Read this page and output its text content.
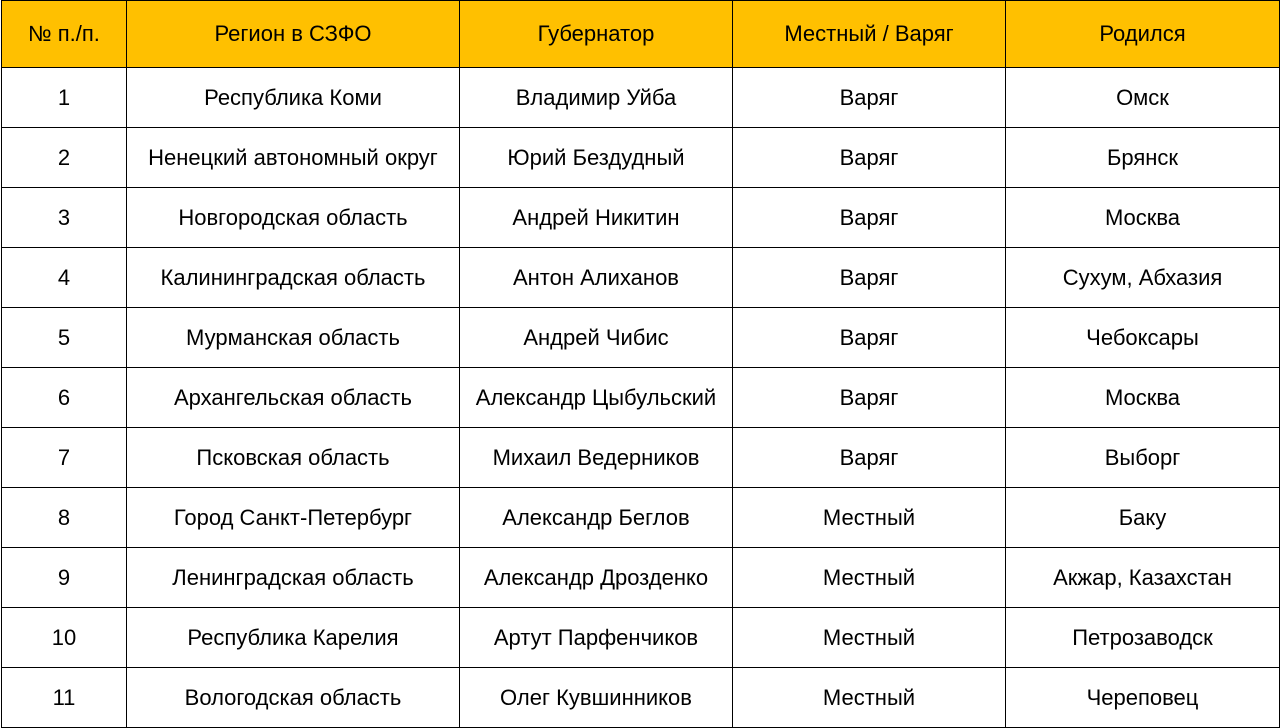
№ п./п.	Регион в СЗФО	Губернатор	Местный / Варяг	Родился
1	Республика Коми	Владимир Уйба	Варяг	Омск
2	Ненецкий автономный округ	Юрий Бездудный	Варяг	Брянск
3	Новгородская область	Андрей Никитин	Варяг	Москва
4	Калининградская область	Антон Алиханов	Варяг	Сухум, Абхазия
5	Мурманская область	Андрей Чибис	Варяг	Чебоксары
6	Архангельская область	Александр Цыбульский	Варяг	Москва
7	Псковская область	Михаил Ведерников	Варяг	Выборг
8	Город Санкт-Петербург	Александр Беглов	Местный	Баку
9	Ленинградская область	Александр Дрозденко	Местный	Акжар, Казахстан
10	Республика Карелия	Артут Парфенчиков	Местный	Петрозаводск
11	Вологодская область	Олег Кувшинников	Местный	Череповец
